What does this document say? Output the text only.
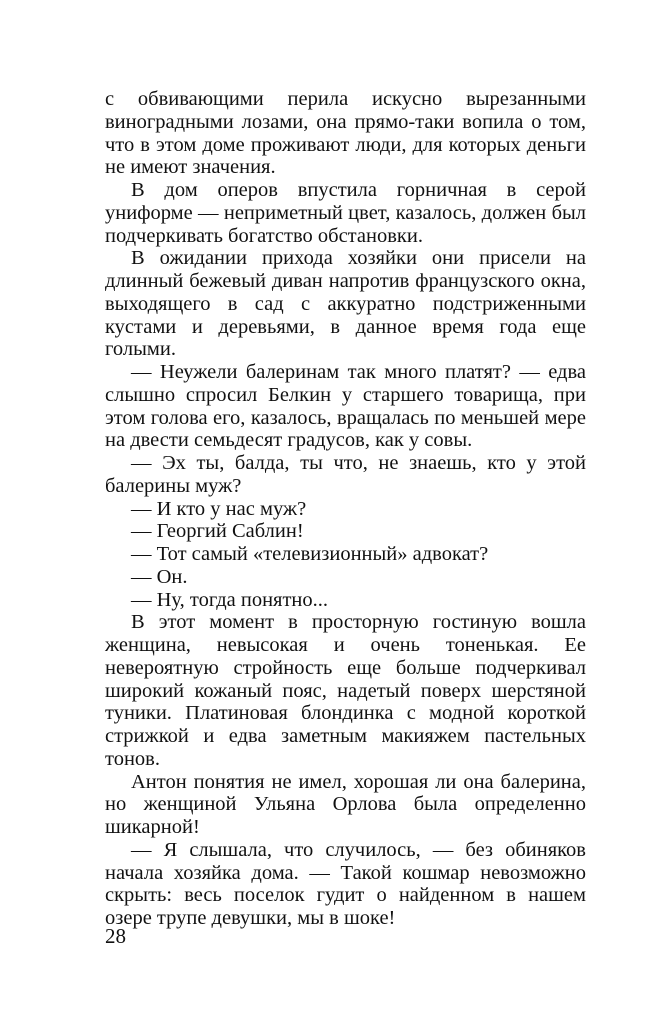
с обвивающими перила искусно вырезанными виноградными лозами, она прямо-таки вопила о том, что в этом доме проживают люди, для которых деньги не имеют значения.

В дом оперов впустила горничная в серой униформе — неприметный цвет, казалось, должен был подчеркивать богатство обстановки.

В ожидании прихода хозяйки они присели на длинный бежевый диван напротив французского окна, выходящего в сад с аккуратно подстриженными кустами и деревьями, в данное время года еще голыми.

— Неужели балеринам так много платят? — едва слышно спросил Белкин у старшего товарища, при этом голова его, казалось, вращалась по меньшей мере на двести семьдесят градусов, как у совы.

— Эх ты, балда, ты что, не знаешь, кто у этой балерины муж?

— И кто у нас муж?

— Георгий Саблин!

— Тот самый «телевизионный» адвокат?

— Он.

— Ну, тогда понятно...

В этот момент в просторную гостиную вошла женщина, невысокая и очень тоненькая. Ее невероятную стройность еще больше подчеркивал широкий кожаный пояс, надетый поверх шерстяной туники. Платиновая блондинка с модной короткой стрижкой и едва заметным макияжем пастельных тонов.

Антон понятия не имел, хорошая ли она балерина, но женщиной Ульяна Орлова была определенно шикарной!

— Я слышала, что случилось, — без обиняков начала хозяйка дома. — Такой кошмар невозможно скрыть: весь поселок гудит о найденном в нашем озере трупе девушки, мы в шоке!

28
